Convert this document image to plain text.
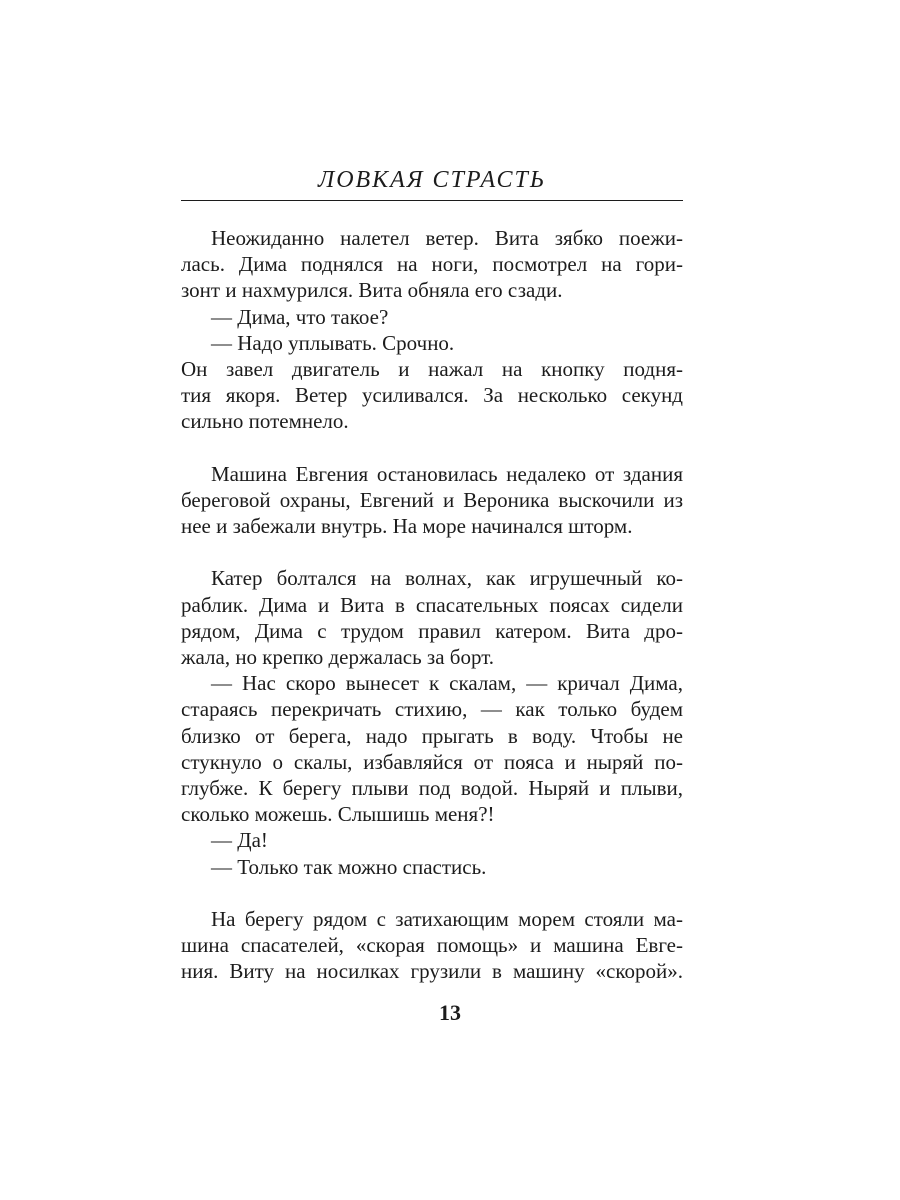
ЛОВКАЯ СТРАСТЬ
Неожиданно налетел ветер. Вита зябко поежи-
лась. Дима поднялся на ноги, посмотрел на гори-
зонт и нахмурился. Вита обняла его сзади.
— Дима, что такое?
— Надо уплывать. Срочно.
Он завел двигатель и нажал на кнопку подня-
тия якоря. Ветер усиливался. За несколько секунд
сильно потемнело.
Машина Евгения остановилась недалеко от здания
береговой охраны, Евгений и Вероника выскочили из
нее и забежали внутрь. На море начинался шторм.
Катер болтался на волнах, как игрушечный ко-
раблик. Дима и Вита в спасательных поясах сидели
рядом, Дима с трудом правил катером. Вита дро-
жала, но крепко держалась за борт.
— Нас скоро вынесет к скалам, — кричал Дима,
стараясь перекричать стихию, — как только будем
близко от берега, надо прыгать в воду. Чтобы не
стукнуло о скалы, избавляйся от пояса и ныряй по-
глубже. К берегу плыви под водой. Ныряй и плыви,
сколько можешь. Слышишь меня?!
— Да!
— Только так можно спастись.
На берегу рядом с затихающим морем стояли ма-
шина спасателей, «скорая помощь» и машина Евге-
ния. Виту на носилках грузили в машину «скорой».
13
